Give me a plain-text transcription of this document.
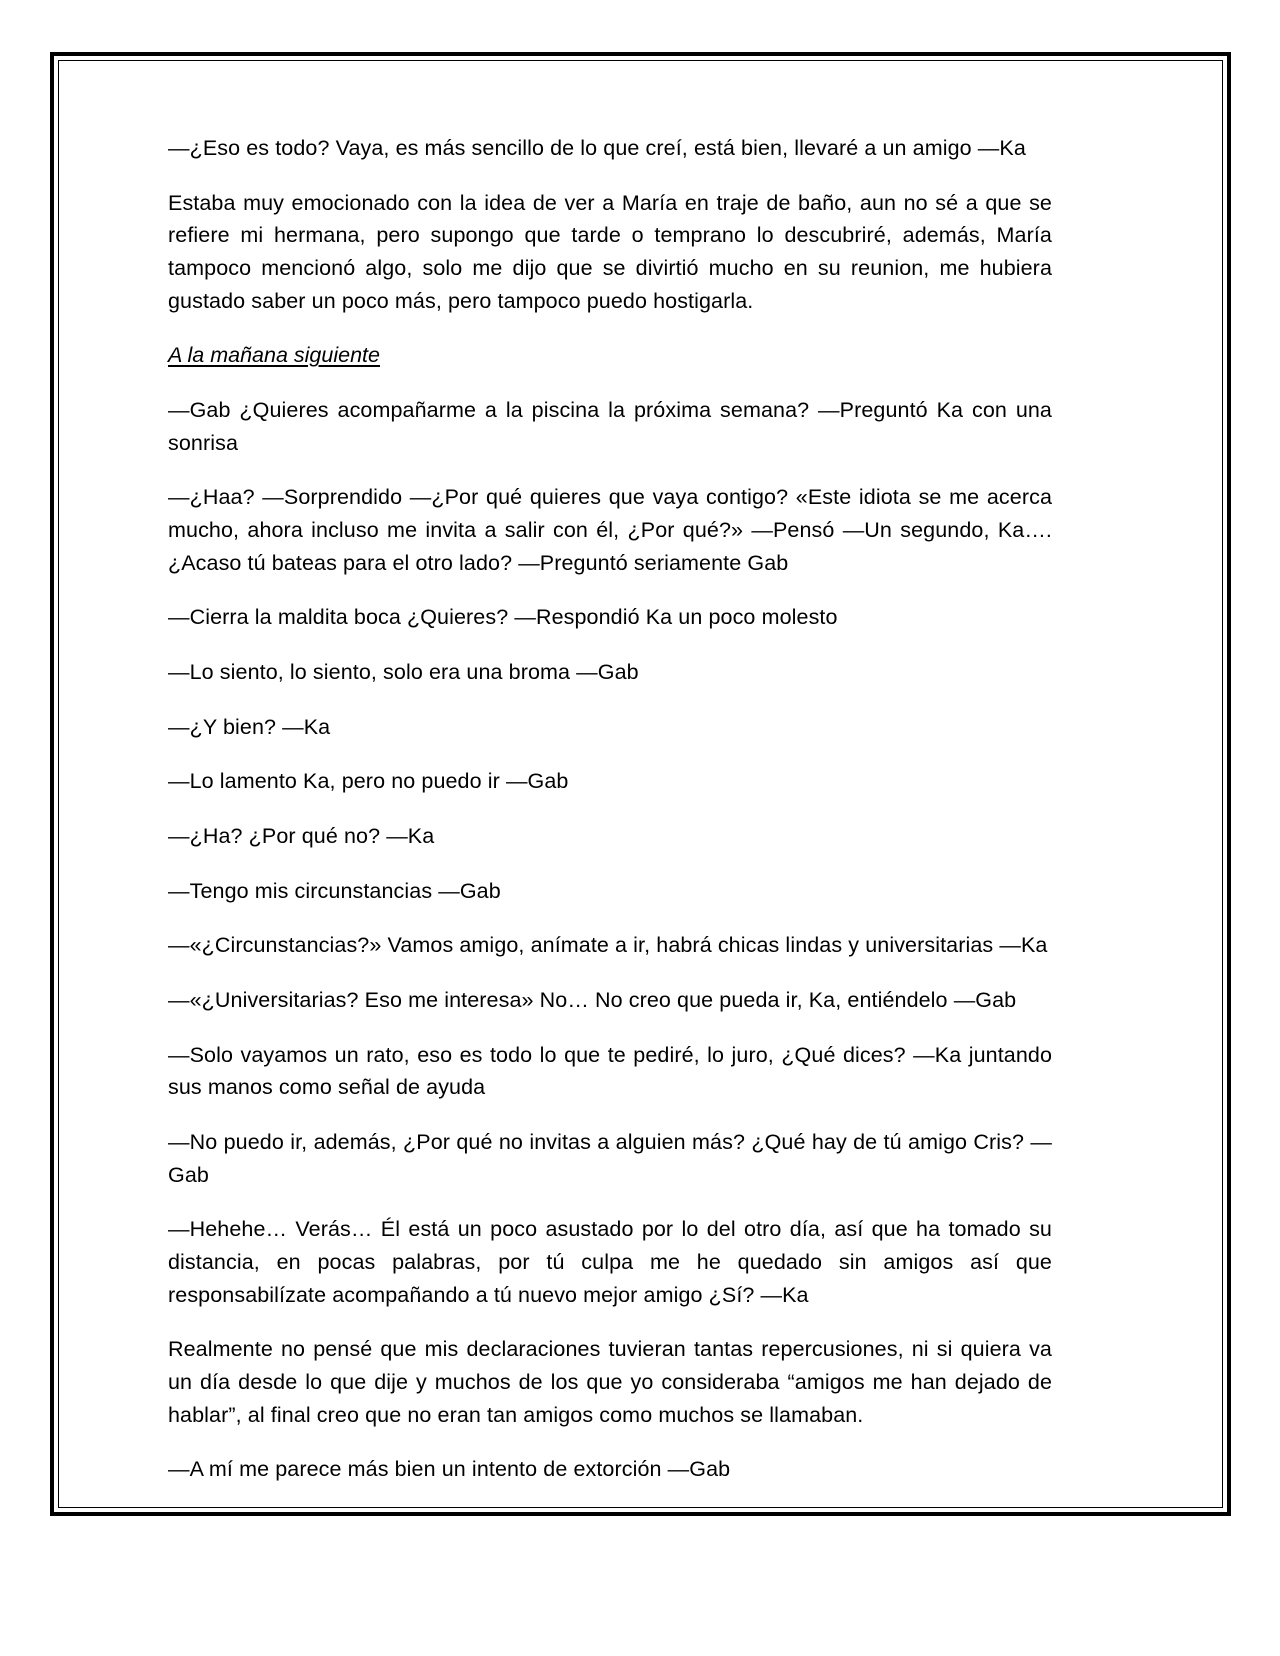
—¿Eso es todo? Vaya, es más sencillo de lo que creí, está bien, llevaré a un amigo —Ka

Estaba muy emocionado con la idea de ver a María en traje de baño, aun no sé a que se refiere mi hermana, pero supongo que tarde o temprano lo descubriré, además, María tampoco mencionó algo, solo me dijo que se divirtió mucho en su reunion, me hubiera gustado saber un poco más, pero tampoco puedo hostigarla.

A la mañana siguiente

—Gab ¿Quieres acompañarme a la piscina la próxima semana? —Preguntó Ka con una sonrisa

—¿Haa? —Sorprendido —¿Por qué quieres que vaya contigo? «Este idiota se me acerca mucho, ahora incluso me invita a salir con él, ¿Por qué?» —Pensó —Un segundo, Ka…. ¿Acaso tú bateas para el otro lado? —Preguntó seriamente Gab

—Cierra la maldita boca ¿Quieres? —Respondió Ka un poco molesto

—Lo siento, lo siento, solo era una broma —Gab

—¿Y bien? —Ka

—Lo lamento Ka, pero no puedo ir —Gab

—¿Ha? ¿Por qué no? —Ka

—Tengo mis circunstancias —Gab

—«¿Circunstancias?» Vamos amigo, anímate a ir, habrá chicas lindas y universitarias —Ka

—«¿Universitarias? Eso me interesa» No… No creo que pueda ir, Ka, entiéndelo —Gab

—Solo vayamos un rato, eso es todo lo que te pediré, lo juro, ¿Qué dices? —Ka juntando sus manos como señal de ayuda

—No puedo ir, además, ¿Por qué no invitas a alguien más? ¿Qué hay de tú amigo Cris? —Gab

—Hehehe… Verás… Él está un poco asustado por lo del otro día, así que ha tomado su distancia, en pocas palabras, por tú culpa me he quedado sin amigos así que responsabilízate acompañando a tú nuevo mejor amigo ¿Sí? —Ka

Realmente no pensé que mis declaraciones tuvieran tantas repercusiones, ni si quiera va un día desde lo que dije y muchos de los que yo consideraba “amigos me han dejado de hablar”, al final creo que no eran tan amigos como muchos se llamaban.

—A mí me parece más bien un intento de extorción —Gab
